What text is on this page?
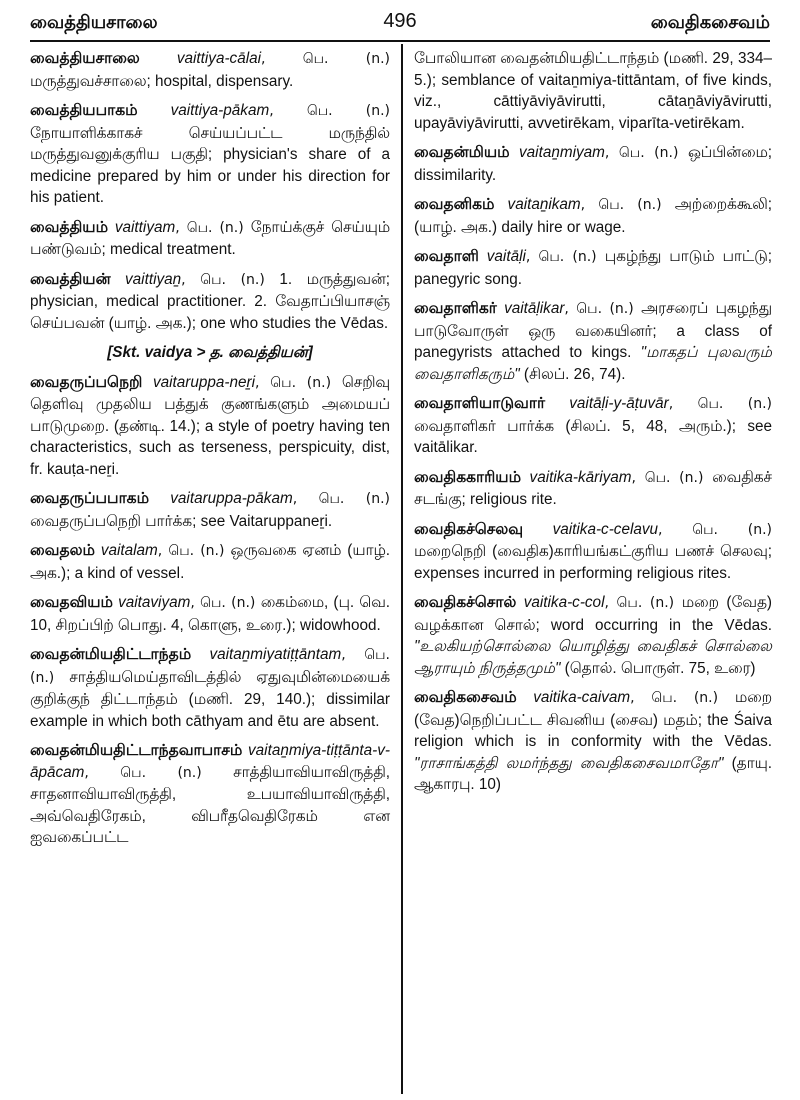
வைத்தியசாலை	496	வைதிகசைவம்
வைத்தியசாலை vaittiya-cālai, பெ. (n.) மருத்துவச்சாலை; hospital, dispensary.
வைத்தியபாகம் vaittiya-pākam, பெ. (n.) நோயாளிக்காகச் செய்யப்பட்ட மருந்தில் மருத்துவனுக்குரிய பகுதி; physician's share of a medicine prepared by him or under his direction for his patient.
வைத்தியம் vaittiyam, பெ. (n.) நோய்க்குச் செய்யும் பண்டுவம்; medical treatment.
வைத்தியன் vaittiyaṉ, பெ. (n.) 1. மருத்துவன்; physician, medical practitioner. 2. வேதாப்பியாசஞ் செய்பவன் (யாழ். அக.); one who studies the Vēdas.
[Skt. vaidya > த. வைத்தியன்]
வைதருப்பநெறி vaitaruppa-neṟi, பெ. (n.) செறிவு தெளிவு முதலிய பத்துக் குணங்களும் அமையப் பாடுமுறை. (தண்டி. 14.); a style of poetry having ten characteristics, such as terseness, perspicuity, dist, fr. kauṭa-neṟi.
வைதருப்பபாகம் vaitaruppa-pākam, பெ. (n.) வைதருப்பநெறி பார்க்க; see Vaitaruppaneṟi.
வைதலம் vaitalam, பெ. (n.) ஒருவகை ஏனம் (யாழ். அக.); a kind of vessel.
வைதவியம் vaitaviyam, பெ. (n.) கைம்மை, (பு. வெ. 10, சிறப்பிற் பொது. 4, கொளு, உரை.); widowhood.
வைதன்மியதிட்டாந்தம் vaitaṉmiyatiṭṭāntam, பெ. (n.) சாத்தியமெய்தாவிடத்தில் ஏதுவுமின்மையைக் குறிக்குந் திட்டாந்தம் (மணி. 29, 140.); dissimilar example in which both cāthyam and ētu are absent.
வைதன்மியதிட்டாந்தவாபாசம் vaitaṉmiya-tiṭṭānta-v-āpācam, பெ. (n.) சாத்தியாவியாவிருத்தி, சாதனாவியாவிருத்தி, உபயாவியாவிருத்தி, அவ்வெதிரேகம், விபரீதவெதிரேகம் என ஐவகைப்பட்ட
போலியான வைதன்மியதிட்டாந்தம் (மணி. 29, 334–5.); semblance of vaitaṉmiya-tittāntam, of five kinds, viz., cāttiyāviyāvirutti, cātaṉāviyāvirutti, upayāviyāvirutti, avvetirēkam, viparīta-vetirēkam.
வைதன்மியம் vaitaṉmiyam, பெ. (n.) ஒப்பின்மை; dissimilarity.
வைதனிகம் vaitaṉikam, பெ. (n.) அற்றைக்கூலி; (யாழ். அக.) daily hire or wage.
வைதாளி vaitāḷi, பெ. (n.) புகழ்ந்து பாடும் பாட்டு; panegyric song.
வைதாளிகர் vaitāḷikar, பெ. (n.) அரசரைப் புகழந்து பாடுவோருள் ஒரு வகையினர்; a class of panegyrists attached to kings. "மாகதப் புலவரும் வைதாளிகரும்" (சிலப். 26, 74).
வைதாளியாடுவார் vaitāḷi-y-āṭuvār, பெ. (n.) வைதாளிகர் பார்க்க (சிலப். 5, 48, அரும்.); see vaitālikar.
வைதிககாரியம் vaitika-kāriyam, பெ. (n.) வைதிகச் சடங்கு; religious rite.
வைதிகச்செலவு vaitika-c-celavu, பெ. (n.) மறைநெறி (வைதிக)காரியங்கட்குரிய பணச் செலவு; expenses incurred in performing religious rites.
வைதிகச்சொல் vaitika-c-col, பெ. (n.) மறை (வேத) வழக்கான சொல்; word occurring in the Vēdas. "உலகியற்சொல்லை யொழித்து வைதிகச் சொல்லை ஆராயும் நிருத்தமும்" (தொல். பொருள். 75, உரை)
வைதிகசைவம் vaitika-caivam, பெ. (n.) மறை (வேத)நெறிப்பட்ட சிவனிய (சைவ) மதம்; the Śaiva religion which is in conformity with the Vēdas. "ராசாங்கத்தி லமர்ந்தது வைதிகசைவமாதோ" (தாயு. ஆகாரபு. 10)
